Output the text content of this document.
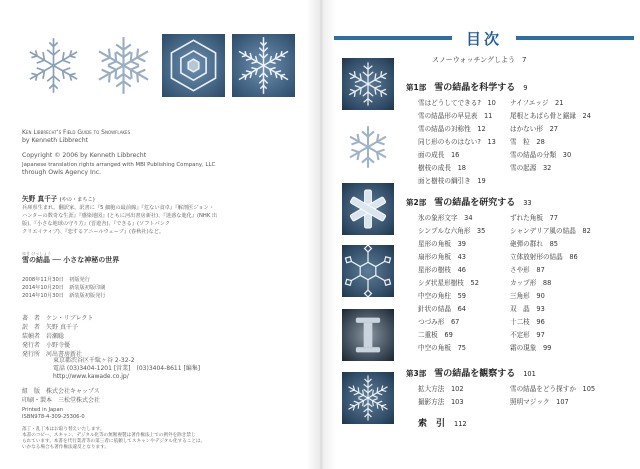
Ken Libbrecht's Field Guide to Snowflakes
by Kenneth Libbrecht
Copyright © 2006 by Kenneth Libbrecht
Japanese translation rights arranged with MBI Publishing Company, LLC
through Owls Agency Inc.
矢野 真千子 (やの・まちこ)
兵庫県生まれ。翻訳家。訳書に『5 細胞の最前線』『危ない食卓』『解剖医ジョン・
ハンターの数奇な生涯』『感染地図』(ともに河出書房新社)、『迷惑な進化』(NHK 出
版)、『小さな地球の守り方』(晋遊舎)、『できる』(ソフトバンク
クリエイティブ)、『恋するアニールウェーブ』(春秋社)など。
ゆき けっしょう
雪の結晶 ── 小さな神秘の世界
2008年11月30日　初版発行
2014年10月20日　新装版初版印刷
2014年10月30日　新装版初版発行
著　者　 ケン・リブレクト
訳　者　 矢野 真千子
装幀者　 岩瀬聡
発行者　 小野寺優
発行所　 河出書房新社
東京都渋谷区千駄ヶ谷 2-32-2
電話 (03)3404-1201 [営業]　(03)3404-8611 [編集]
http://www.kawade.co.jp/
組　版　 株式会社キャップス
印刷・製本　 三松堂株式会社
Printed in Japan
ISBN978-4-309-25306-0
落丁・乱丁本はお取り替えいたします。
本書のコピー、スキャン、デジタル化等の無断複製は著作権法上での例外を除き禁じ
られています。本書を代行業者等の第三者に依頼してスキャンやデジタル化することは、
いかなる場合も著作権法違反となります。
目次
スノーウォッチングしよう　 7
第1部　 雪の結晶を科学する　 9
雪はどうしてできる?　 10
雪の結晶形の早見表　 11
雪の結晶の対称性　 12
同じ形のものはない?　 13
面の成長　 16
樹枝の成長　 18
面と樹枝の綱引き　 19
ナイフエッジ　 21
尾根とあばら骨と鋸縁　 24
はかない形　 27
雪　粒　 28
雪の結晶の分類　 30
雪の起源　 32
第2部　 雪の結晶を研究する　 33
氷の象形文字　 34
シンプルな六角形　 35
星形の角板　 39
扇形の角板　 43
星形の樹枝　 46
シダ状星形樹枝　 52
中空の角柱　 59
針状の結晶　 64
つづみ形　 67
二重板　 69
中空の角板　 75
ずれた角板　 77
シャンデリア風の結晶　 82
砲弾の群れ　 85
立体放射形の結晶　 86
さや形　 87
カップ形　 88
三角形　 90
双　晶　 93
十二枝　 96
不定形　 97
霜の現象　 99
第3部　 雪の結晶を観察する　 101
拡大方法　 102
撮影方法　 103
雪の結晶をどう探すか　 105
照明マジック　 107
索　引　 112
